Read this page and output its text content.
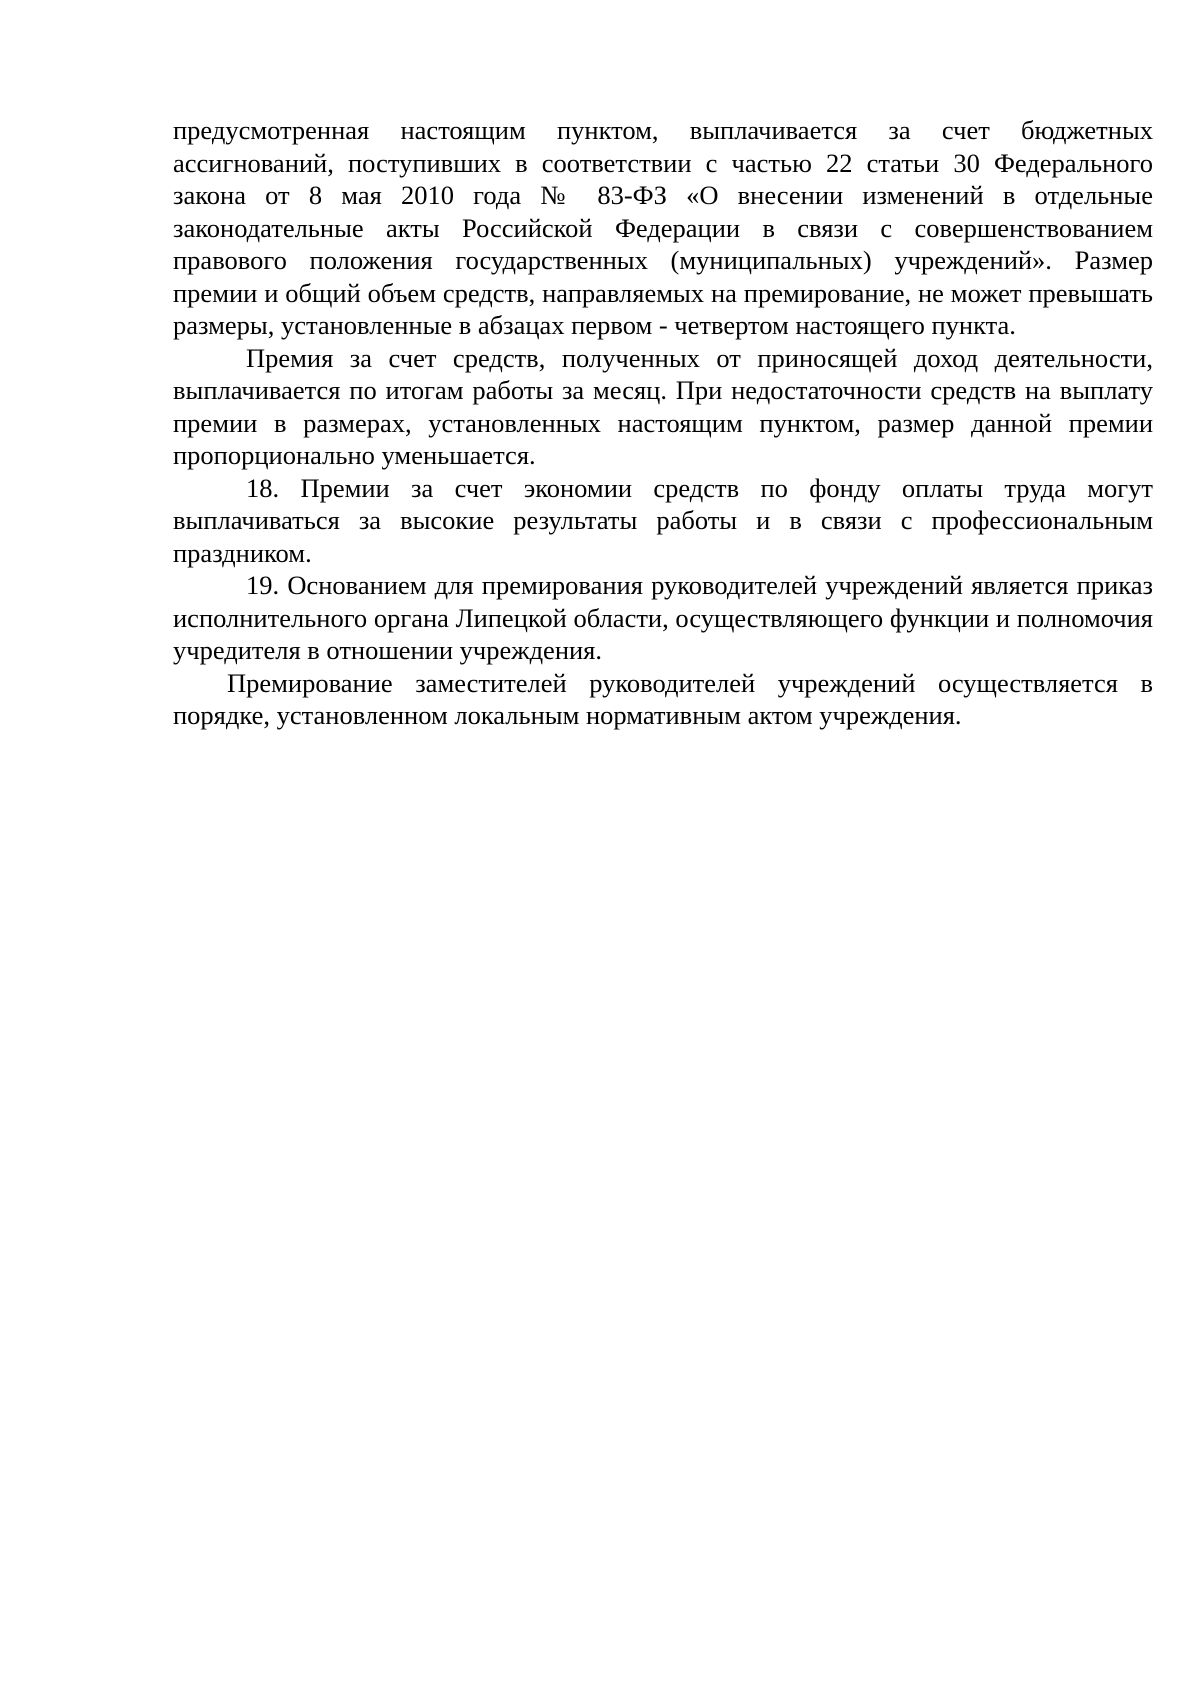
предусмотренная настоящим пунктом, выплачивается за счет бюджетных ассигнований, поступивших в соответствии с частью 22 статьи 30 Федерального закона от 8 мая 2010 года № 83-ФЗ «О внесении изменений в отдельные законодательные акты Российской Федерации в связи с совершенствованием правового положения государственных (муниципальных) учреждений». Размер премии и общий объем средств, направляемых на премирование, не может превышать размеры, установленные в абзацах первом - четвертом настоящего пункта.

Премия за счет средств, полученных от приносящей доход деятельности, выплачивается по итогам работы за месяц. При недостаточности средств на выплату премии в размерах, установленных настоящим пунктом, размер данной премии пропорционально уменьшается.

18. Премии за счет экономии средств по фонду оплаты труда могут выплачиваться за высокие результаты работы и в связи с профессиональным праздником.

19. Основанием для премирования руководителей учреждений является приказ исполнительного органа Липецкой области, осуществляющего функции и полномочия учредителя в отношении учреждения.

Премирование заместителей руководителей учреждений осуществляется в порядке, установленном локальным нормативным актом учреждения.
